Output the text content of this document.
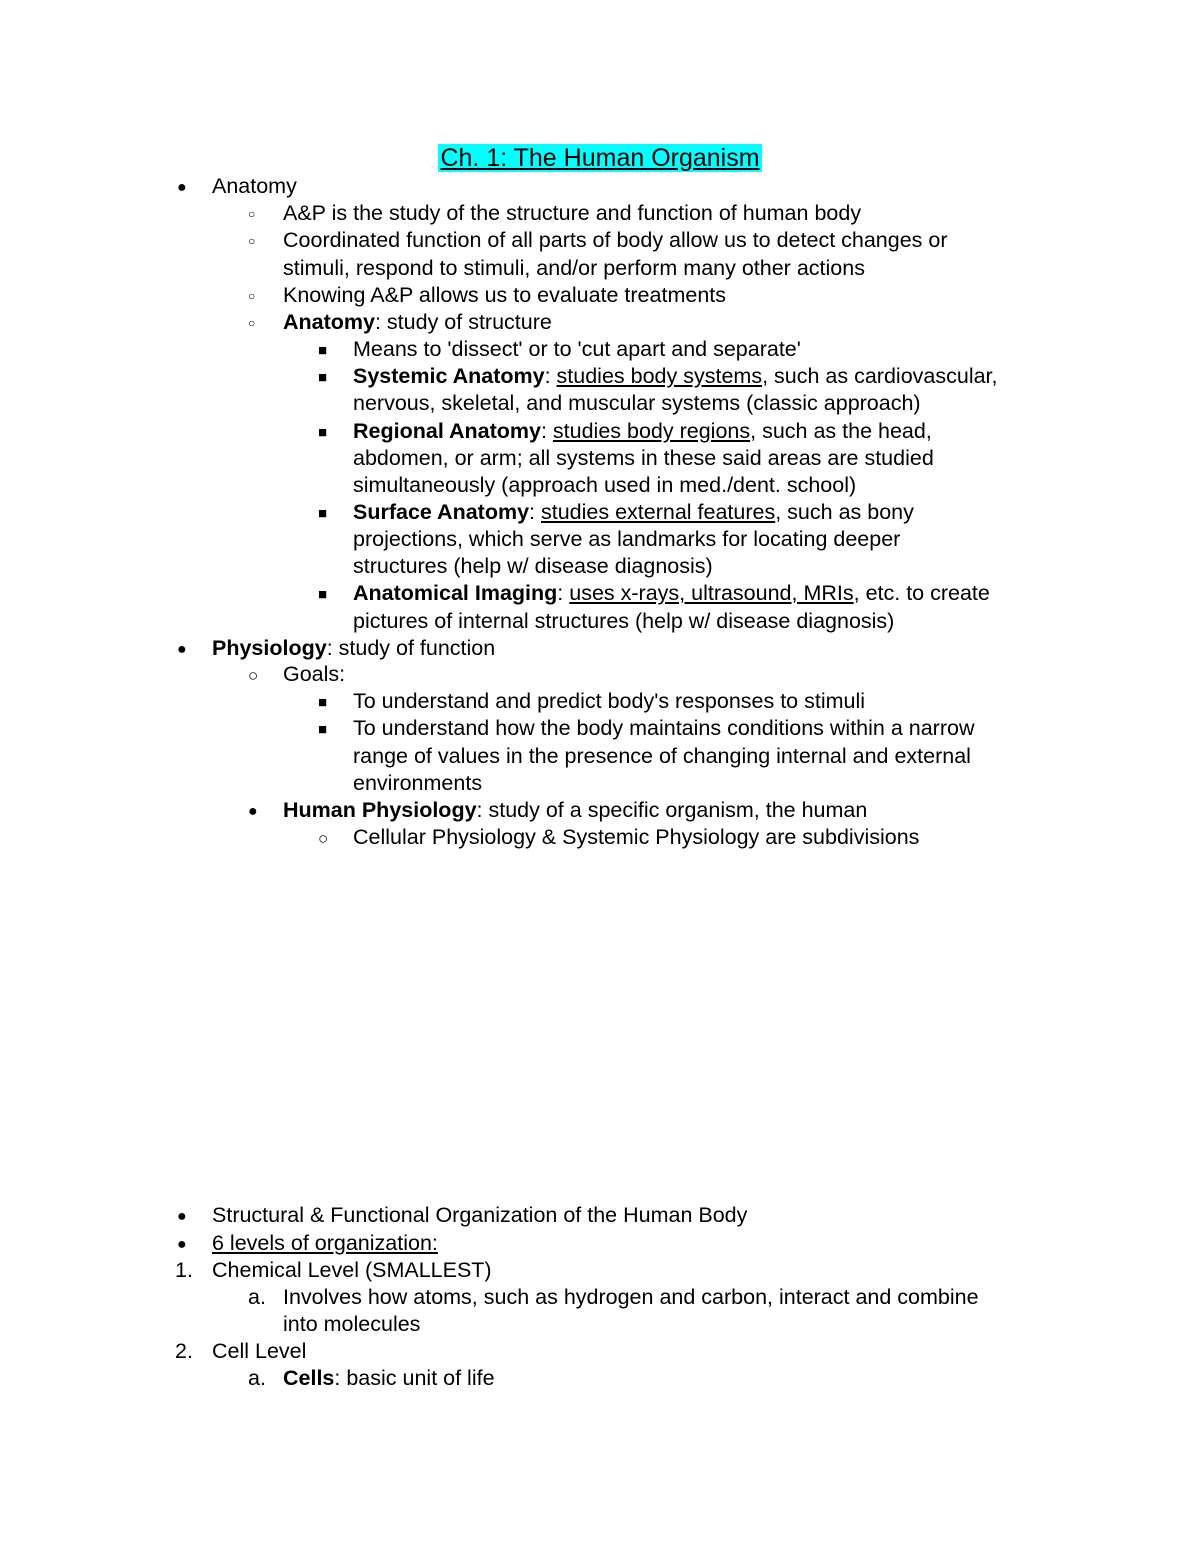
Ch. 1: The Human Organism
● Anatomy
○ A&P is the study of the structure and function of human body
○ Coordinated function of all parts of body allow us to detect changes or
stimuli, respond to stimuli, and/or perform many other actions
○ Knowing A&P allows us to evaluate treatments
○ Anatomy: study of structure
■ Means to 'dissect' or to 'cut apart and separate'
■ Systemic Anatomy: studies body systems, such as cardiovascular,
nervous, skeletal, and muscular systems (classic approach)
■ Regional Anatomy: studies body regions, such as the head,
abdomen, or arm; all systems in these said areas are studied
simultaneously (approach used in med./dent. school)
■ Surface Anatomy: studies external features, such as bony
projections, which serve as landmarks for locating deeper
structures (help w/ disease diagnosis)
■ Anatomical Imaging: uses x-rays, ultrasound, MRIs, etc. to create
pictures of internal structures (help w/ disease diagnosis)
● Physiology: study of function
○ Goals:
■ To understand and predict body's responses to stimuli
■ To understand how the body maintains conditions within a narrow
range of values in the presence of changing internal and external
environments
● Human Physiology: study of a specific organism, the human
○ Cellular Physiology & Systemic Physiology are subdivisions
● Structural & Functional Organization of the Human Body
● 6 levels of organization:
1. Chemical Level (SMALLEST)
a. Involves how atoms, such as hydrogen and carbon, interact and combine
into molecules
2. Cell Level
a. Cells: basic unit of life
